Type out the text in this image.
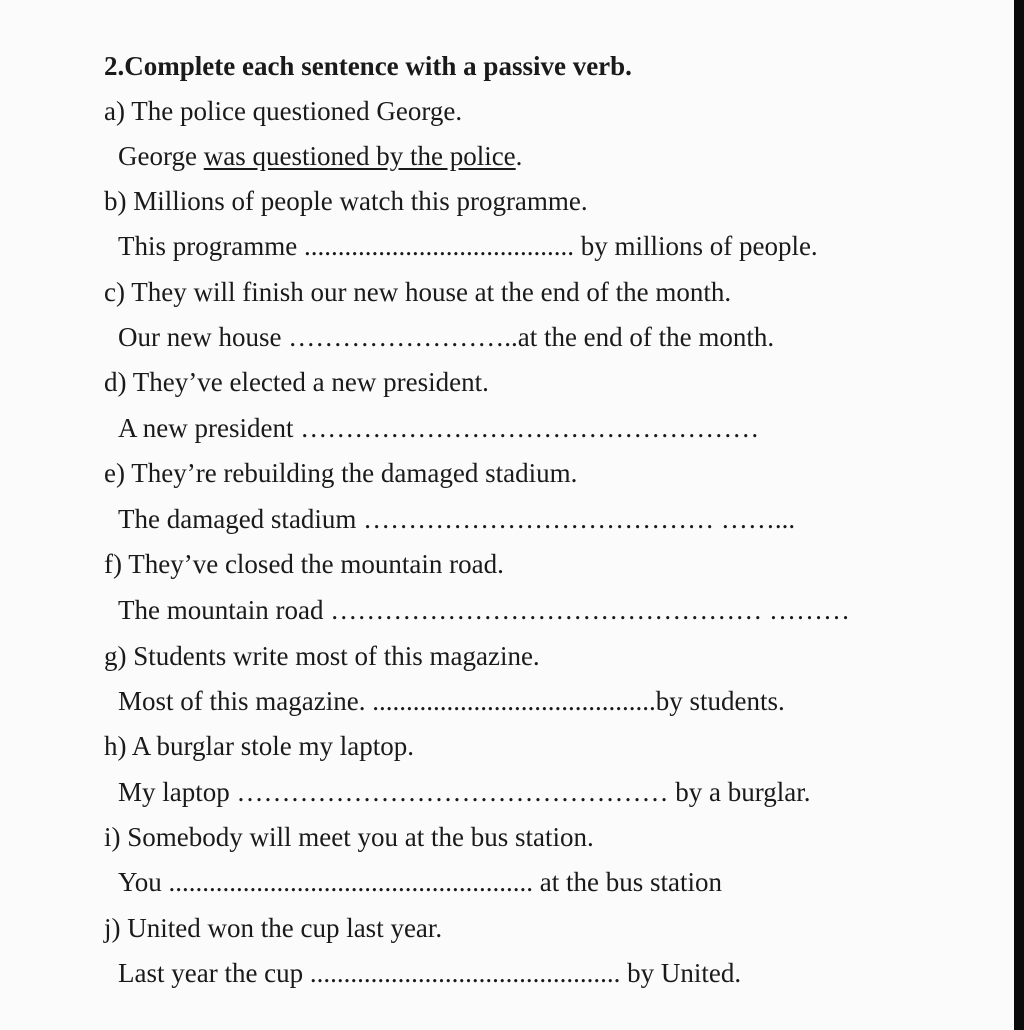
2.Complete each sentence with a passive verb.
a) The police questioned George.
George was questioned by the police.
b) Millions of people watch this programme.
This programme ........................................ by millions of people.
c) They will finish our new house at the end of the month.
Our new house ……………………..at the end of the month.
d) They’ve elected a new president.
A new president ……………………………………………
e) They’re rebuilding the damaged stadium.
The damaged stadium ………………………………… ……...
f) They’ve closed the mountain road.
The mountain road ………………………………………… ………
g) Students write most of this magazine.
Most of this magazine. ..........................................by students.
h) A burglar stole my laptop.
My laptop ………………………………………… by a burglar.
i) Somebody will meet you at the bus station.
You ...................................................... at the bus station
j) United won the cup last year.
Last year the cup .............................................. by United.
